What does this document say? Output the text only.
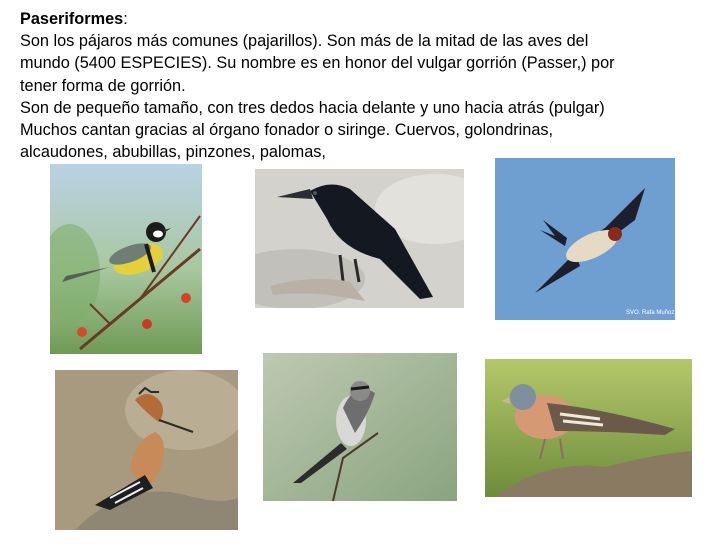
Paseriformes:
Son los pájaros más comunes (pajarillos). Son más de la mitad de las aves del
mundo (5400 ESPECIES). Su nombre es en honor del vulgar gorrión (Passer,) por
tener forma de gorrión.
Son de pequeño tamaño, con tres dedos hacia delante y uno hacia atrás (pulgar)
Muchos cantan gracias al órgano fonador o siringe. Cuervos, golondrinas,
alcaudones, abubillas, pinzones, palomas,
SVO. Rafa Muñoz
